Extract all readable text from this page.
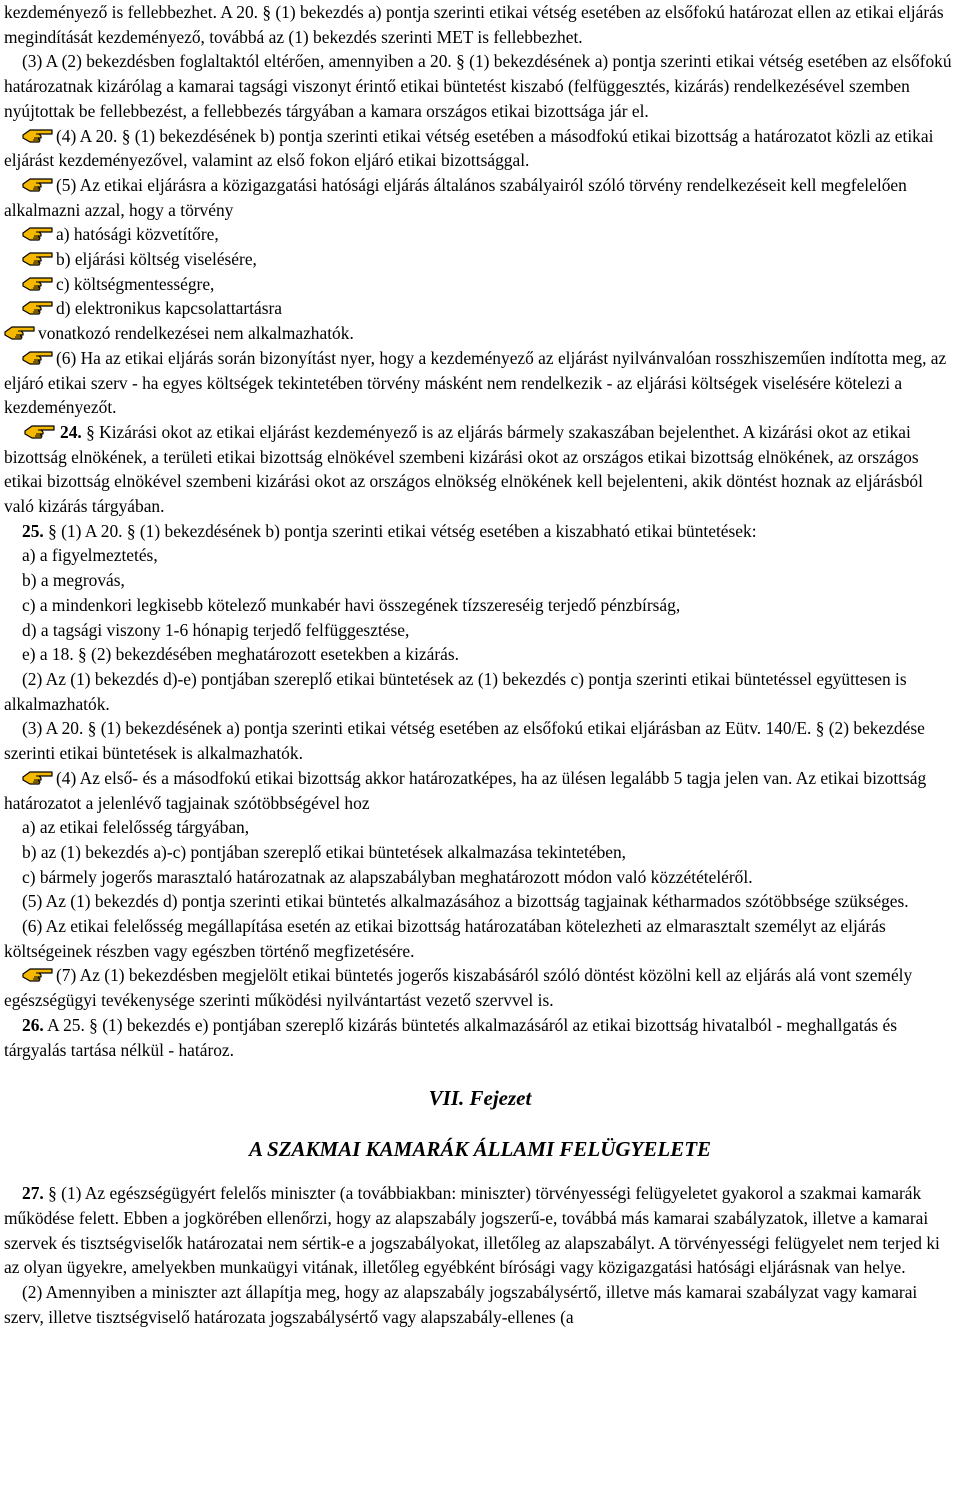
kezdeményező is fellebbezhet. A 20. § (1) bekezdés a) pontja szerinti etikai vétség esetében az elsőfokú határozat ellen az etikai eljárás megindítását kezdeményező, továbbá az (1) bekezdés szerinti MET is fellebbezhet.

(3) A (2) bekezdésben foglaltaktól eltérően, amennyiben a 20. § (1) bekezdésének a) pontja szerinti etikai vétség esetében az elsőfokú határozatnak kizárólag a kamarai tagsági viszonyt érintő etikai büntetést kiszabó (felfüggesztés, kizárás) rendelkezésével szemben nyújtottak be fellebbezést, a fellebbezés tárgyában a kamara országos etikai bizottsága jár el.

(4) A 20. § (1) bekezdésének b) pontja szerinti etikai vétség esetében a másodfokú etikai bizottság a határozatot közli az etikai eljárást kezdeményezővel, valamint az első fokon eljáró etikai bizottsággal.

(5) Az etikai eljárásra a közigazgatási hatósági eljárás általános szabályairól szóló törvény rendelkezéseit kell megfelelően alkalmazni azzal, hogy a törvény

a) hatósági közvetítőre,

b) eljárási költség viselésére,

c) költségmentességre,

d) elektronikus kapcsolattartásra

vonatkozó rendelkezései nem alkalmazhatók.

(6) Ha az etikai eljárás során bizonyítást nyer, hogy a kezdeményező az eljárást nyilvánvalóan rosszhiszeműen indította meg, az eljáró etikai szerv - ha egyes költségek tekintetében törvény másként nem rendelkezik - az eljárási költségek viselésére kötelezi a kezdeményezőt.

24. § Kizárási okot az etikai eljárást kezdeményező is az eljárás bármely szakaszában bejelenthet. A kizárási okot az etikai bizottság elnökének, a területi etikai bizottság elnökével szembeni kizárási okot az országos etikai bizottság elnökének, az országos etikai bizottság elnökével szembeni kizárási okot az országos elnökség elnökének kell bejelenteni, akik döntést hoznak az eljárásból való kizárás tárgyában.

25. § (1) A 20. § (1) bekezdésének b) pontja szerinti etikai vétség esetében a kiszabható etikai büntetések:

a) a figyelmeztetés,

b) a megrovás,

c) a mindenkori legkisebb kötelező munkabér havi összegének tízszereséig terjedő pénzbírság,

d) a tagsági viszony 1-6 hónapig terjedő felfüggesztése,

e) a 18. § (2) bekezdésében meghatározott esetekben a kizárás.

(2) Az (1) bekezdés d)-e) pontjában szereplő etikai büntetések az (1) bekezdés c) pontja szerinti etikai büntetéssel együttesen is alkalmazhatók.

(3) A 20. § (1) bekezdésének a) pontja szerinti etikai vétség esetében az elsőfokú etikai eljárásban az Eütv. 140/E. § (2) bekezdése szerinti etikai büntetések is alkalmazhatók.

(4) Az első- és a másodfokú etikai bizottság akkor határozatképes, ha az ülésen legalább 5 tagja jelen van. Az etikai bizottság határozatot a jelenlévő tagjainak szótöbbségével hoz

a) az etikai felelősség tárgyában,

b) az (1) bekezdés a)-c) pontjában szereplő etikai büntetések alkalmazása tekintetében,

c) bármely jogerős marasztaló határozatnak az alapszabályban meghatározott módon való közzétételéről.

(5) Az (1) bekezdés d) pontja szerinti etikai büntetés alkalmazásához a bizottság tagjainak kétharmados szótöbbsége szükséges.

(6) Az etikai felelősség megállapítása esetén az etikai bizottság határozatában kötelezheti az elmarasztalt személyt az eljárás költségeinek részben vagy egészben történő megfizetésére.

(7) Az (1) bekezdésben megjelölt etikai büntetés jogerős kiszabásáról szóló döntést közölni kell az eljárás alá vont személy egészségügyi tevékenysége szerinti működési nyilvántartást vezető szervvel is.

26. A 25. § (1) bekezdés e) pontjában szereplő kizárás büntetés alkalmazásáról az etikai bizottság hivatalból - meghallgatás és tárgyalás tartása nélkül - határoz.

VII. Fejezet
A SZAKMAI KAMARÁK ÁLLAMI FELÜGYELETE

27. § (1) Az egészségügyért felelős miniszter (a továbbiakban: miniszter) törvényességi felügyeletet gyakorol a szakmai kamarák működése felett. Ebben a jogkörében ellenőrzi, hogy az alapszabály jogszerű-e, továbbá más kamarai szabályzatok, illetve a kamarai szervek és tisztségviselők határozatai nem sértik-e a jogszabályokat, illetőleg az alapszabályt. A törvényességi felügyelet nem terjed ki az olyan ügyekre, amelyekben munkaügyi vitának, illetőleg egyébként bírósági vagy közigazgatási hatósági eljárásnak van helye.

(2) Amennyiben a miniszter azt állapítja meg, hogy az alapszabály jogszabálysértő, illetve más kamarai szabályzat vagy kamarai szerv, illetve tisztségviselő határozata jogszabálysértő vagy alapszabály-ellenes (a
